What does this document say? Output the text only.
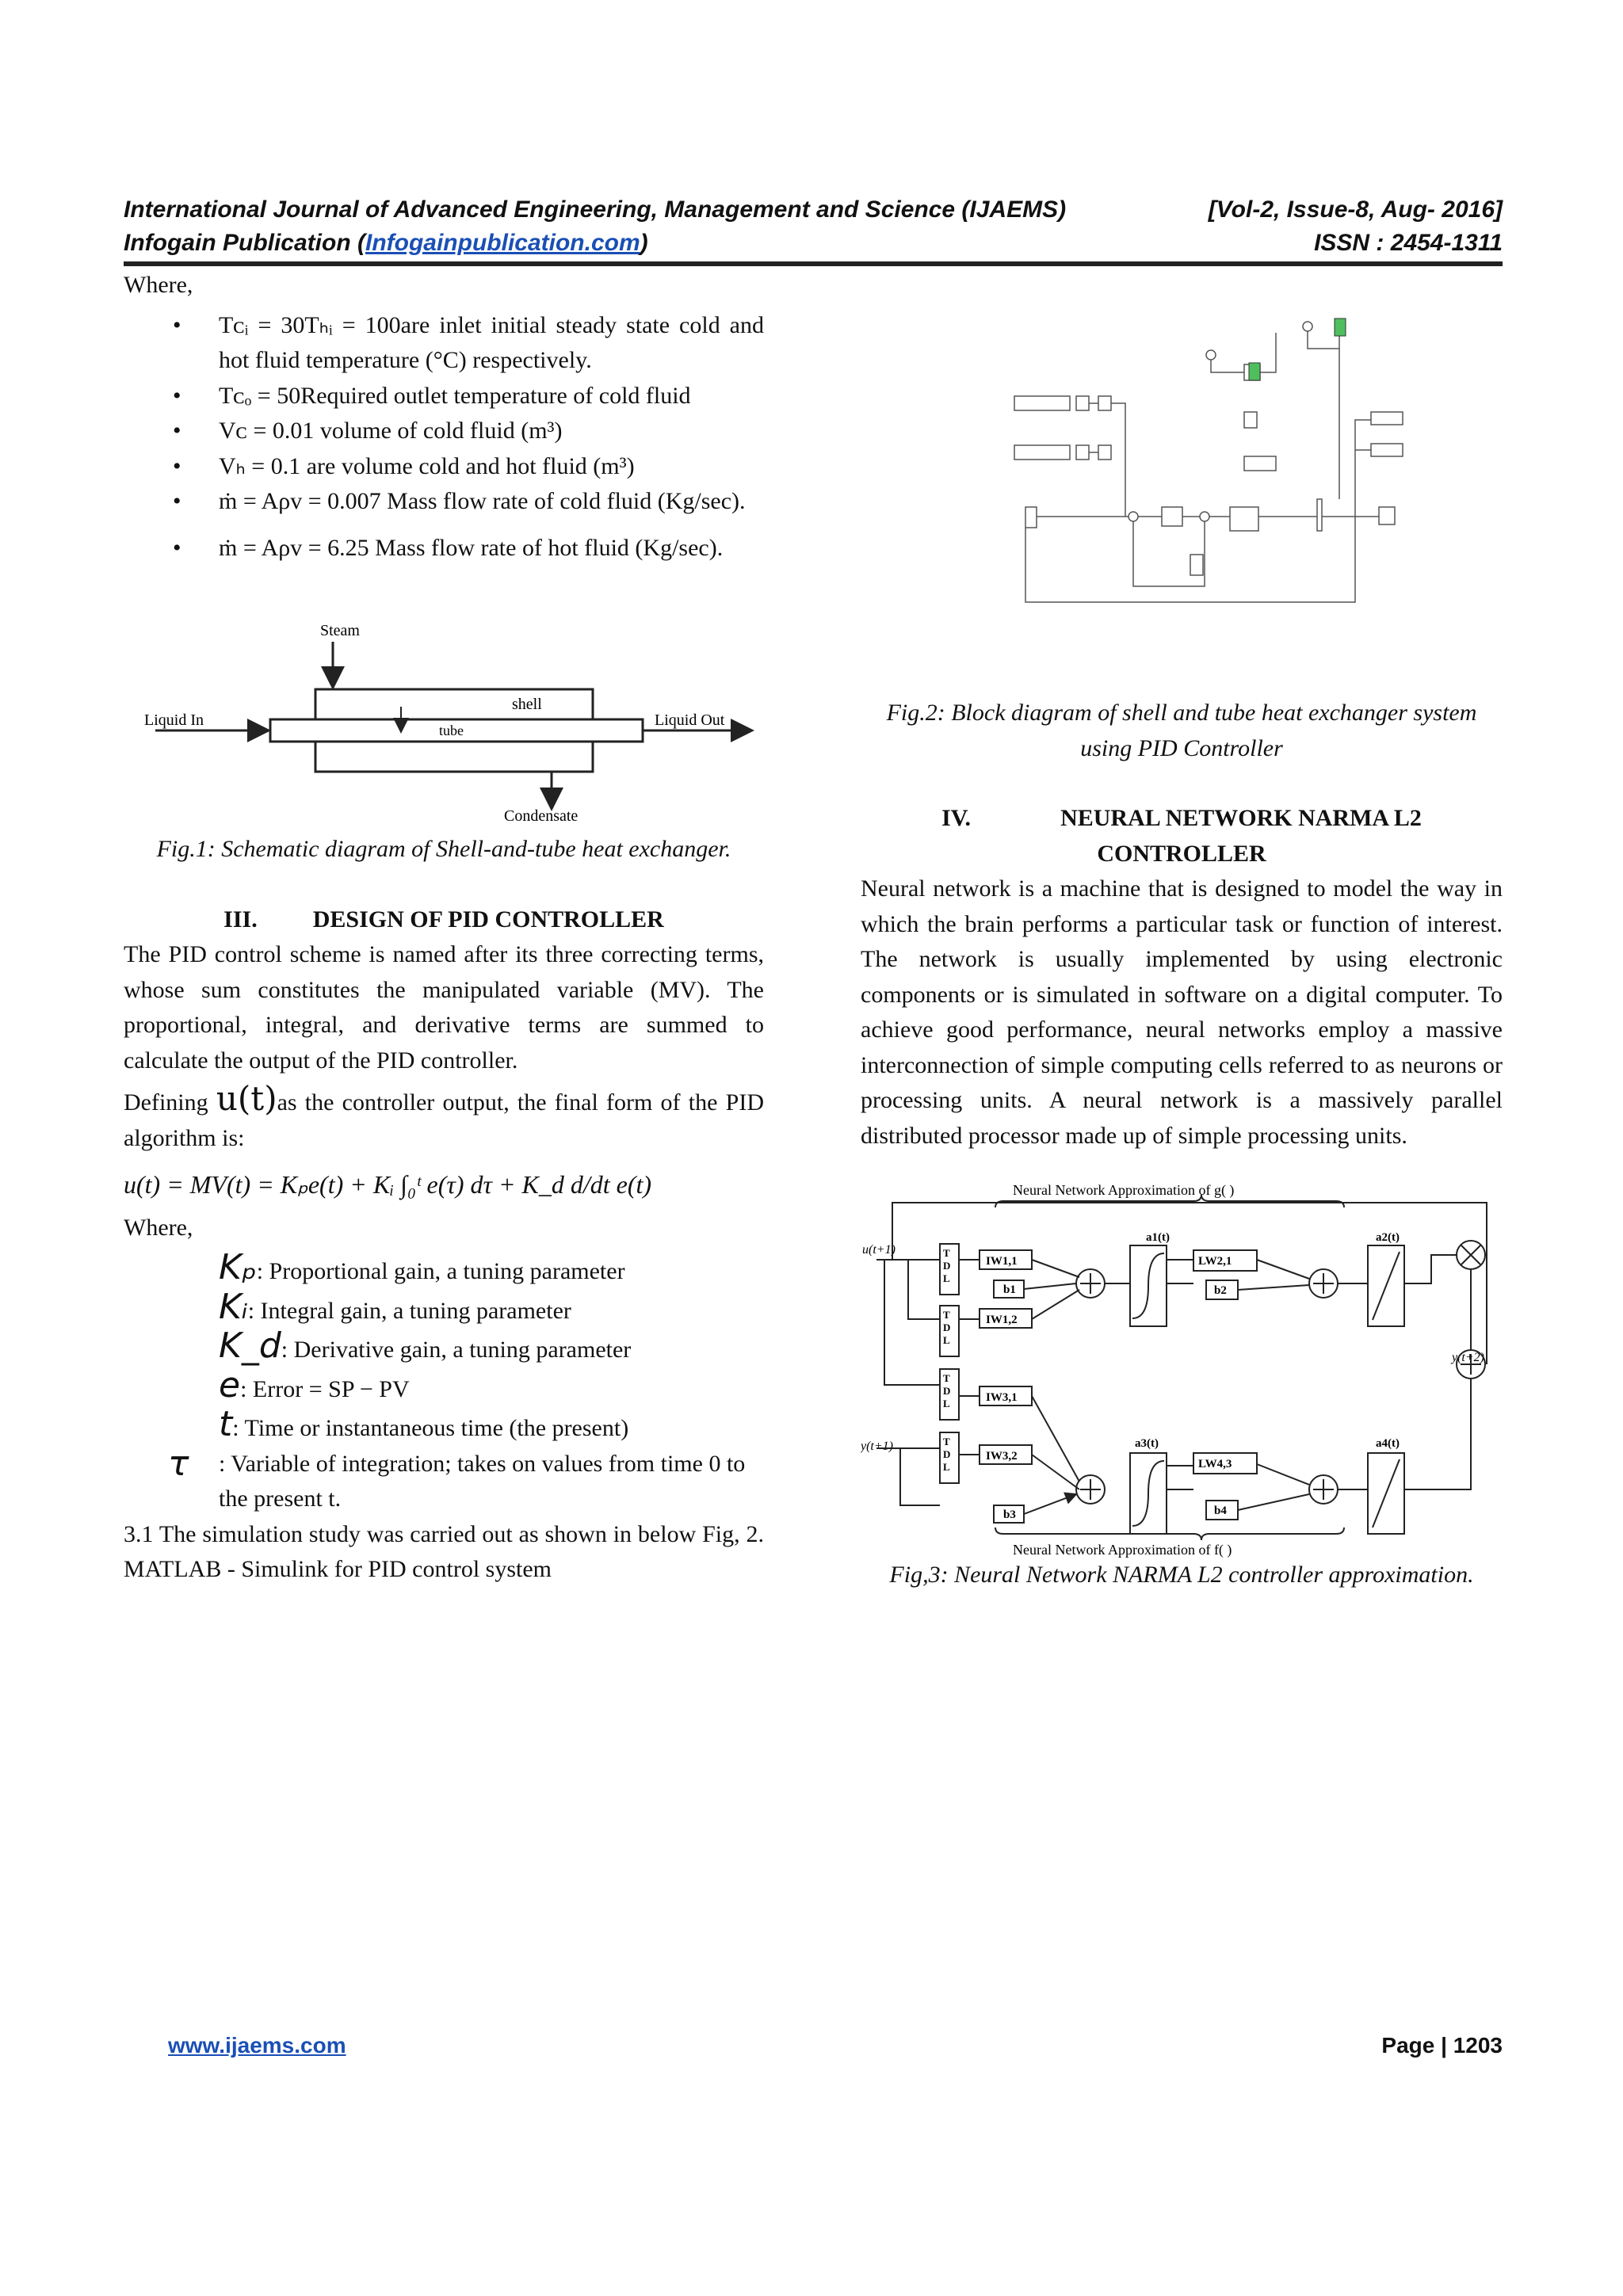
International Journal of Advanced Engineering, Management and Science (IJAEMS)	[Vol-2, Issue-8, Aug- 2016]
Infogain Publication (Infogainpublication.com)	ISSN : 2454-1311
Where,
• Tᴄᵢ = 30Tₕᵢ = 100are inlet initial steady state cold and hot fluid temperature (°C) respectively.
• Tᴄₒ = 50Required outlet temperature of cold fluid
• Vᴄ = 0.01 volume of cold fluid (m³)
• Vₕ = 0.1 are volume cold and hot fluid (m³)
• ṁ = Aρv = 0.007 Mass flow rate of cold fluid (Kg/sec).
• ṁ = Aρv = 6.25 Mass flow rate of hot fluid (Kg/sec).
Steam
shell
tube
Liquid In	Liquid Out
Condensate
Fig.1: Schematic diagram of Shell-and-tube heat exchanger.
III. DESIGN OF PID CONTROLLER
The PID control scheme is named after its three correcting terms, whose sum constitutes the manipulated variable (MV). The proportional, integral, and derivative terms are summed to calculate the output of the PID controller.
Defining u(t)as the controller output, the final form of the PID algorithm is:
u(t) = MV(t) = Kₚe(t) + Kᵢ ∫₀ᵗ e(τ) dτ + K_d d/dt e(t)
Where,
Kₚ: Proportional gain, a tuning parameter
Kᵢ: Integral gain, a tuning parameter
K_d: Derivative gain, a tuning parameter
e: Error = SP − PV
t: Time or instantaneous time (the present)
τ : Variable of integration; takes on values from time 0 to the present t.
3.1 The simulation study was carried out as shown in below Fig, 2. MATLAB - Simulink for PID control system
Fig.2: Block diagram of shell and tube heat exchanger system using PID Controller
IV.	NEURAL NETWORK NARMA L2 CONTROLLER
Neural network is a machine that is designed to model the way in which the brain performs a particular task or function of interest. The network is usually implemented by using electronic components or is simulated in software on a digital computer. To achieve good performance, neural networks employ a massive interconnection of simple computing cells referred to as neurons or processing units. A neural network is a massively parallel distributed processor made up of simple processing units.
Neural Network Approximation of g( )
u(t+1)
y(t+1)
y(t+2)
T
D
L
T
D
L
T
D
L
T
D
L
IW1,1
IW1,2
IW3,1
IW3,2
LW2,1
LW4,3
b1	b2
b3	b4
a1(t)	a2(t)
a3(t)	a4(t)
Neural Network Approximation of f( )
Fig,3: Neural Network NARMA L2 controller approximation.
www.ijaems.com	Page | 1203
